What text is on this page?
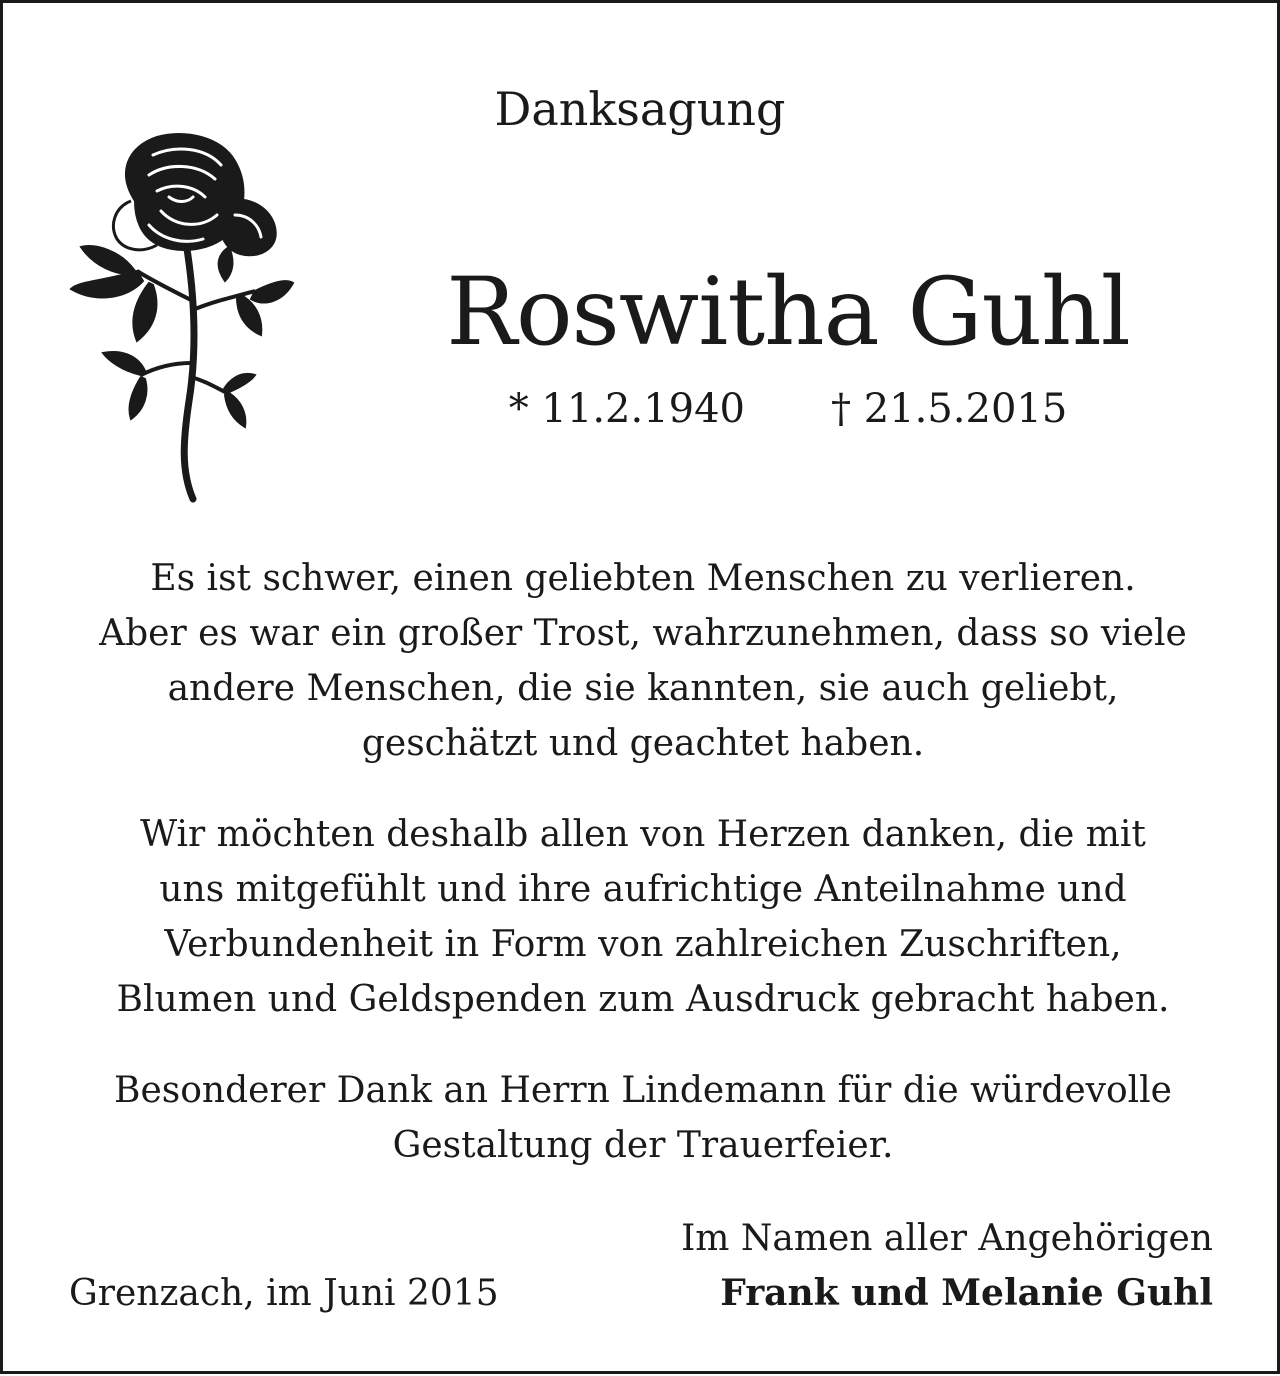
Danksagung
Roswitha Guhl
* 11.2.1940 † 21.5.2015
Es ist schwer, einen geliebten Menschen zu verlieren.
Aber es war ein großer Trost, wahrzunehmen, dass so viele
andere Menschen, die sie kannten, sie auch geliebt,
geschätzt und geachtet haben.
Wir möchten deshalb allen von Herzen danken, die mit
uns mitgefühlt und ihre aufrichtige Anteilnahme und
Verbundenheit in Form von zahlreichen Zuschriften,
Blumen und Geldspenden zum Ausdruck gebracht haben.
Besonderer Dank an Herrn Lindemann für die würdevolle
Gestaltung der Trauerfeier.
Grenzach, im Juni 2015
Im Namen aller Angehörigen
Frank und Melanie Guhl
